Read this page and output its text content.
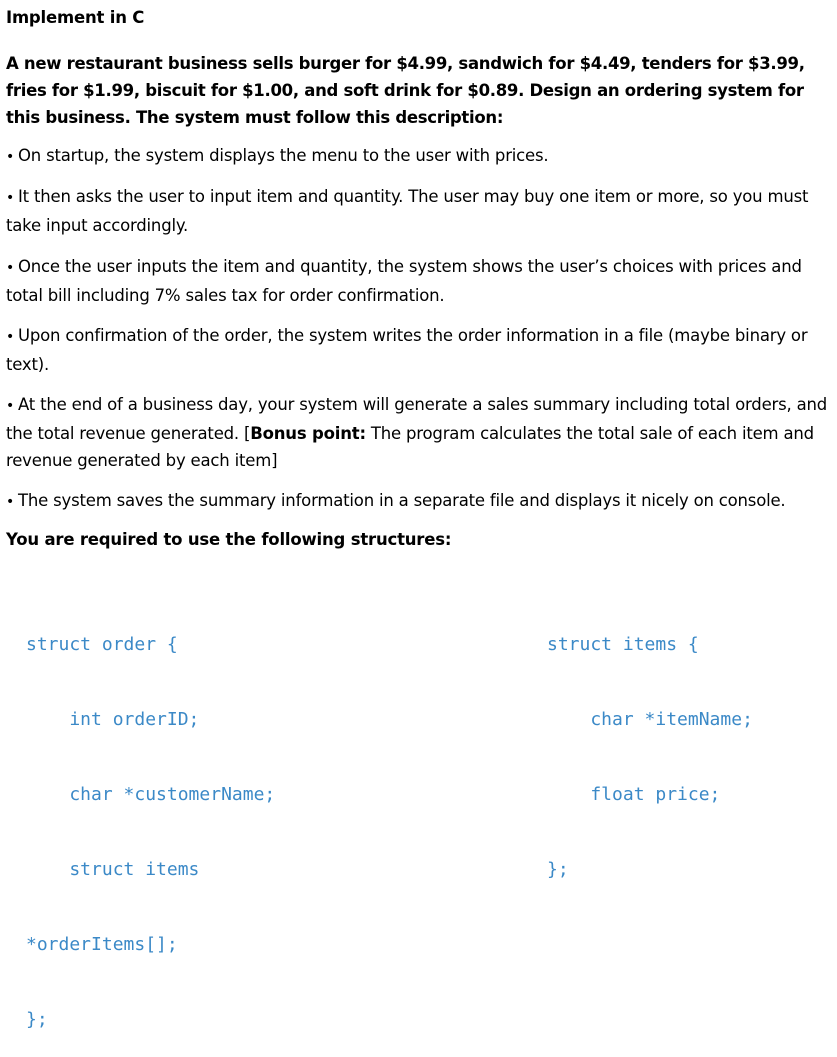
Implement in C
A new restaurant business sells burger for $4.99, sandwich for $4.49, tenders for $3.99, fries for $1.99, biscuit for $1.00, and soft drink for $0.89. Design an ordering system for this business. The system must follow this description:
• On startup, the system displays the menu to the user with prices.
• It then asks the user to input item and quantity. The user may buy one item or more, so you must take input accordingly.
• Once the user inputs the item and quantity, the system shows the user’s choices with prices and total bill including 7% sales tax for order confirmation.
• Upon confirmation of the order, the system writes the order information in a file (maybe binary or text).
• At the end of a business day, your system will generate a sales summary including total orders, and the total revenue generated. [Bonus point: The program calculates the total sale of each item and revenue generated by each item]
• The system saves the summary information in a separate file and displays it nicely on console.
You are required to use the following structures:

struct order {

int orderID;

char *customerName;

struct items

*orderItems[];

};

struct items {

char *itemName;

float price;

};
